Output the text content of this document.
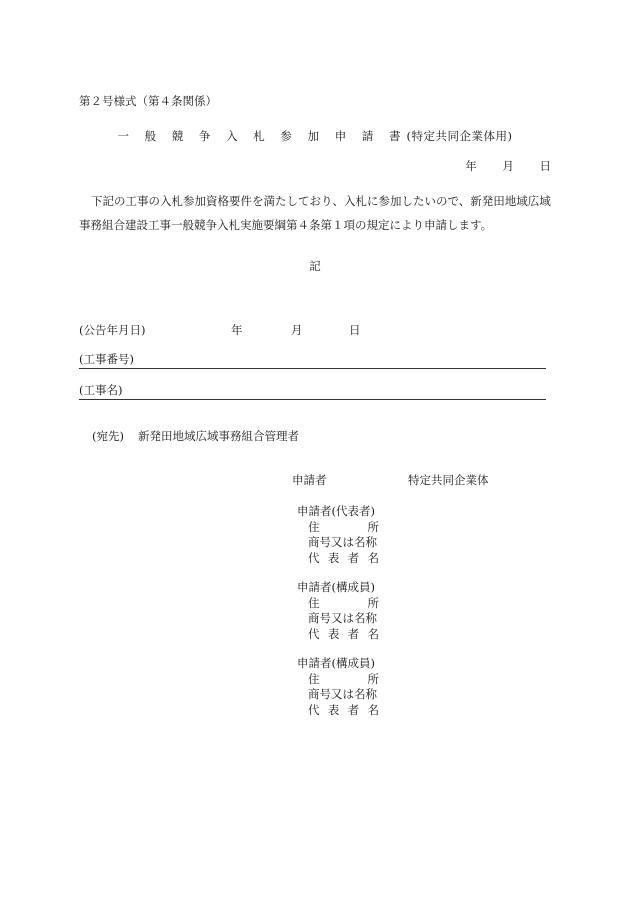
第２号様式（第４条関係）
一 般 競 争 入 札 参 加 申 請 書(特定共同企業体用)
年 月 日
下記の工事の入札参加資格要件を満たしており、入札に参加したいので、新発田地域広域
事務組合建設工事一般競争入札実施要綱第４条第１項の規定により申請します。
記
(公告年月日)	年	月	日
(工事番号)
(工事名)
(宛先) 新発田地域広域事務組合管理者
申請者	特定共同企業体
申請者(代表者)
住	所
商号又は名称
代 表 者 名
申請者(構成員)
住	所
商号又は名称
代 表 者 名
申請者(構成員)
住	所
商号又は名称
代 表 者 名
